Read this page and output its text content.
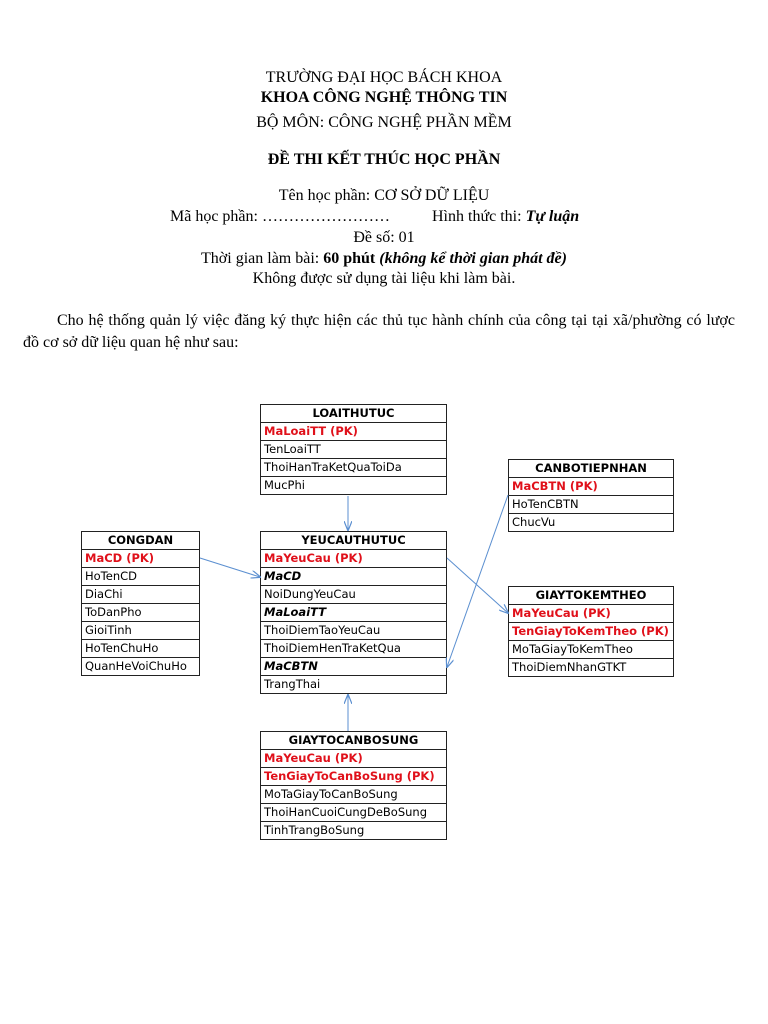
TRƯỜNG ĐẠI HỌC BÁCH KHOA
KHOA CÔNG NGHỆ THÔNG TIN
BỘ MÔN: CÔNG NGHỆ PHẦN MỀM
ĐỀ THI KẾT THÚC HỌC PHẦN
Tên học phần: CƠ SỞ DỮ LIỆU
Mã học phần: ……………………	Hình thức thi: Tự luận
Đề số: 01
Thời gian làm bài: 60 phút (không kể thời gian phát đề)
Không được sử dụng tài liệu khi làm bài.
Cho hệ thống quản lý việc đăng ký thực hiện các thủ tục hành chính của công tại tại xã/phường có lược đồ cơ sở dữ liệu quan hệ như sau:
LOAITHUTUC
MaLoaiTT (PK)
TenLoaiTT
ThoiHanTraKetQuaToiDa
MucPhi
CANBOTIEPNHAN
MaCBTN (PK)
HoTenCBTN
ChucVu
CONGDAN
MaCD (PK)
HoTenCD
DiaChi
ToDanPho
GioiTinh
HoTenChuHo
QuanHeVoiChuHo
YEUCAUTHUTUC
MaYeuCau (PK)
MaCD
NoiDungYeuCau
MaLoaiTT
ThoiDiemTaoYeuCau
ThoiDiemHenTraKetQua
MaCBTN
TrangThai
GIAYTOKEMTHEO
MaYeuCau (PK)
TenGiayToKemTheo (PK)
MoTaGiayToKemTheo
ThoiDiemNhanGTKT
GIAYTOCANBOSUNG
MaYeuCau (PK)
TenGiayToCanBoSung (PK)
MoTaGiayToCanBoSung
ThoiHanCuoiCungDeBoSung
TinhTrangBoSung
